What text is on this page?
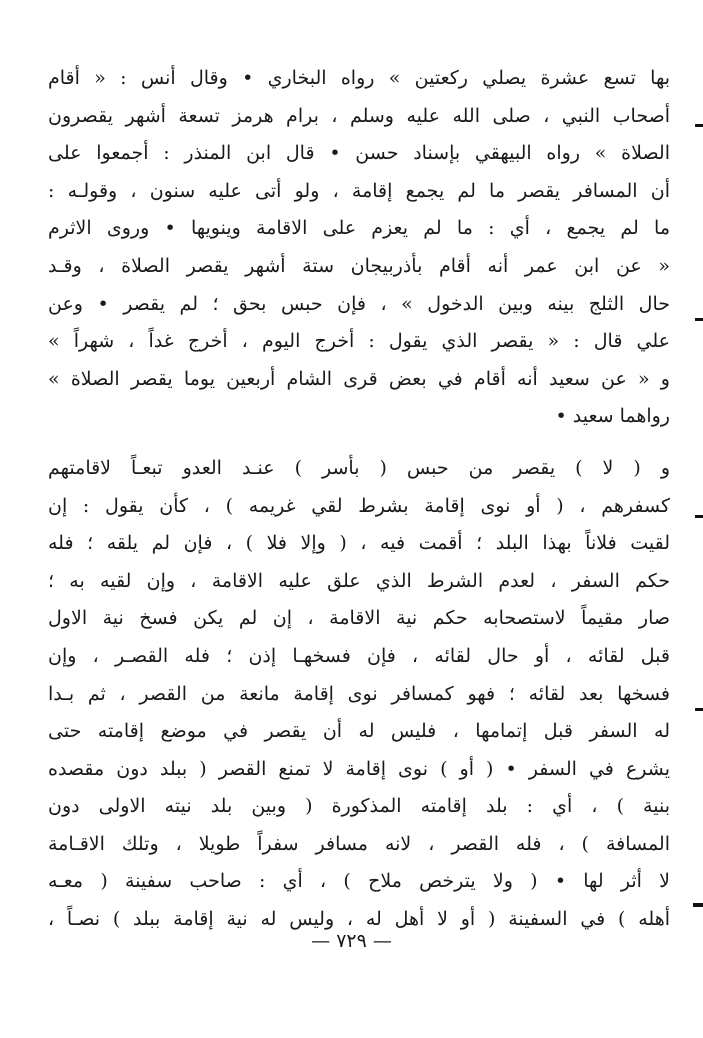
بها تسع عشرة يصلي ركعتين » رواه البخاري • وقال أنس : « أقام

أصحاب النبي ، صلى الله عليه وسلم ، برام هرمز تسعة أشهر يقصرون

الصلاة » رواه البيهقي بإسناد حسن • قال ابن المنذر : أجمعوا على

أن المسافر يقصر ما لم يجمع إقامة ، ولو أتى عليه سنون ، وقولـه :

ما لم يجمع ، أي : ما لم يعزم على الاقامة وينويها • وروى الاثرم

« عن ابن عمر أنه أقام بأذربيجان ستة أشهر يقصر الصلاة ، وقـد

حال الثلج بينه وبين الدخول » ، فإن حبس بحق ؛ لم يقصر • وعن

علي قال : « يقصر الذي يقول : أخرج اليوم ، أخرج غداً ، شهراً »

و « عن سعيد أنه أقام في بعض قرى الشام أربعين يوما يقصر الصلاة »

رواهما سعيد •

و ( لا ) يقصر من حبس ( بأسر ) عنـد العدو تبعـاً لاقامتهم

كسفرهم ، ( أو نوى إقامة بشرط لقي غريمه ) ، كأن يقول : إن

لقيت فلاناً بهذا البلد ؛ أقمت فيه ، ( وإلا فلا ) ، فإن لم يلقه ؛ فله

حكم السفر ، لعدم الشرط الذي علق عليه الاقامة ، وإن لقيه به ؛

صار مقيماً لاستصحابه حكم نية الاقامة ، إن لم يكن فسخ نية الاول

قبل لقائه ، أو حال لقائه ، فإن فسخهـا إذن ؛ فله القصـر ، وإن

فسخها بعد لقائه ؛ فهو كمسافر نوى إقامة مانعة من القصر ، ثم بـدا

له السفر قبل إتمامها ، فليس له أن يقصر في موضع إقامته حتى

يشرع في السفر • ( أو ) نوى إقامة لا تمنع القصر ( ببلد دون مقصده

بنية ) ، أي : بلد إقامته المذكورة ( وبين بلد نيته الاولى دون

المسافة ) ، فله القصر ، لانه مسافر سفراً طويلا ، وتلك الاقـامة

لا أثر لها • ( ولا يترخص ملاح ) ، أي : صاحب سفينة ( معـه

أهله ) في السفينة ( أو لا أهل له ، وليس له نية إقامة ببلد ) نصـاً ،

— ٧٢٩ —
